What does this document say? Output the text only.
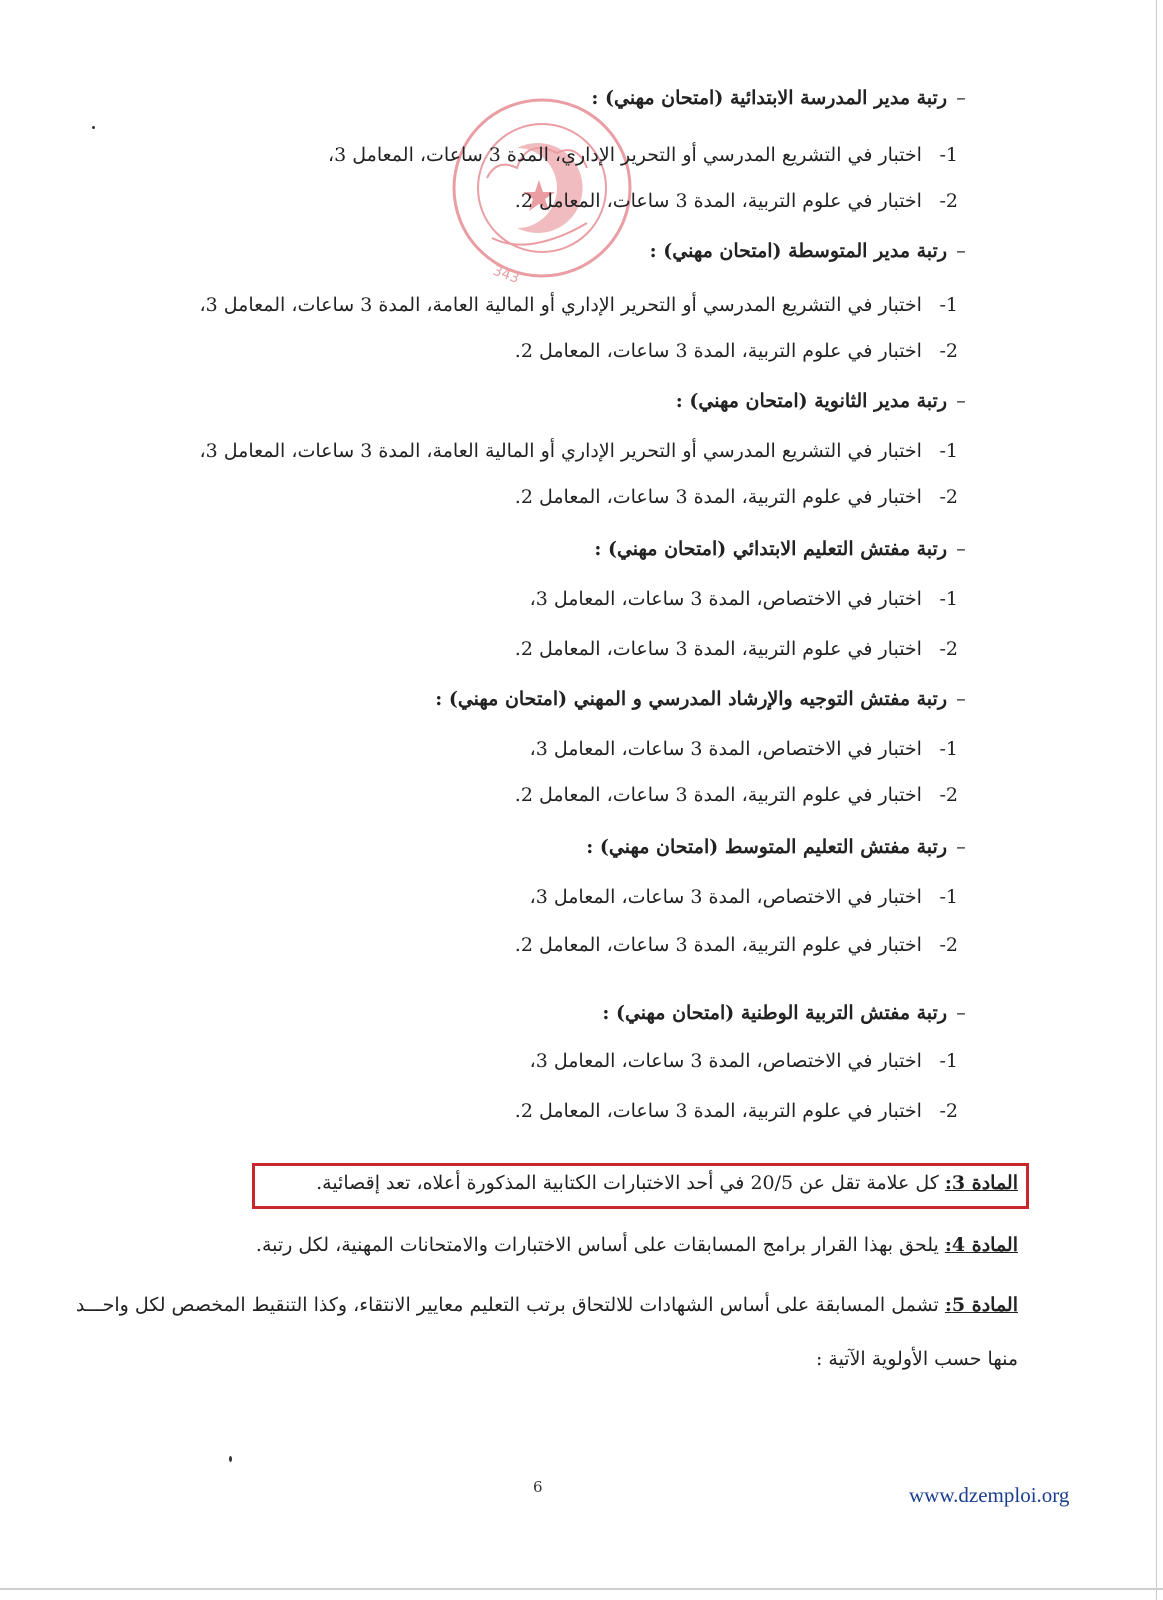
343
–رتبة مدير المدرسة الابتدائية (امتحان مهني) :
1- اختبار في التشريع المدرسي أو التحرير الإداري، المدة 3 ساعات، المعامل 3،
2- اختبار في علوم التربية، المدة 3 ساعات، المعامل 2.
–رتبة مدير المتوسطة (امتحان مهني) :
1- اختبار في التشريع المدرسي أو التحرير الإداري أو المالية العامة، المدة 3 ساعات، المعامل 3،
2- اختبار في علوم التربية، المدة 3 ساعات، المعامل 2.
–رتبة مدير الثانوية (امتحان مهني) :
1- اختبار في التشريع المدرسي أو التحرير الإداري أو المالية العامة، المدة 3 ساعات، المعامل 3،
2- اختبار في علوم التربية، المدة 3 ساعات، المعامل 2.
–رتبة مفتش التعليم الابتدائي (امتحان مهني) :
1- اختبار في الاختصاص، المدة 3 ساعات، المعامل 3،
2- اختبار في علوم التربية، المدة 3 ساعات، المعامل 2.
–رتبة مفتش التوجيه والإرشاد المدرسي و المهني (امتحان مهني) :
1- اختبار في الاختصاص، المدة 3 ساعات، المعامل 3،
2- اختبار في علوم التربية، المدة 3 ساعات، المعامل 2.
–رتبة مفتش التعليم المتوسط (امتحان مهني) :
1- اختبار في الاختصاص، المدة 3 ساعات، المعامل 3،
2- اختبار في علوم التربية، المدة 3 ساعات، المعامل 2.
–رتبة مفتش التربية الوطنية (امتحان مهني) :
1- اختبار في الاختصاص، المدة 3 ساعات، المعامل 3،
2- اختبار في علوم التربية، المدة 3 ساعات، المعامل 2.
المادة 3: كل علامة تقل عن 20/5 في أحد الاختبارات الكتابية المذكورة أعلاه، تعد إقصائية.
المادة 4: يلحق بهذا القرار برامج المسابقات على أساس الاختبارات والامتحانات المهنية، لكل رتبة.
المادة 5: تشمل المسابقة على أساس الشهادات للالتحاق برتب التعليم معايير الانتقاء، وكذا التنقيط المخصص لكل واحـــد
منها حسب الأولوية الآتية :
6	www.dzemploi.org
